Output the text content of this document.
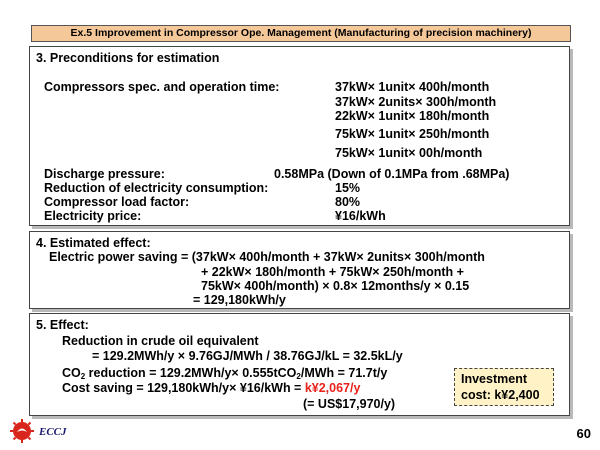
Ex.5 Improvement in Compressor Ope. Management (Manufacturing of precision machinery)
3. Preconditions for estimation
Compressors spec. and operation time:	37kW× 1unit× 400h/month
37kW× 2units× 300h/month
22kW× 1unit× 180h/month
75kW× 1unit× 250h/month
75kW× 1unit× 00h/month
Discharge pressure:	0.58MPa (Down of 0.1MPa from .68MPa)
Reduction of electricity consumption:	15%
Compressor load factor:	80%
Electricity price:	¥16/kWh
4. Estimated effect:
Electric power saving = (37kW× 400h/month + 37kW× 2units× 300h/month
+ 22kW× 180h/month + 75kW× 250h/month +
75kW× 400h/month) × 0.8× 12months/y × 0.15
= 129,180kWh/y
5. Effect:
Reduction in crude oil equivalent
= 129.2MWh/y × 9.76GJ/MWh / 38.76GJ/kL = 32.5kL/y
$CO_2$ reduction = 129.2MWh/y× 0.555tCO$_2$/MWh = 71.7t/y
Cost saving = 129,180kWh/y× ¥16/kWh = k¥2,067/y
(= US$17,970/y)
Investment
cost: k¥2,400
ECCJ	60
